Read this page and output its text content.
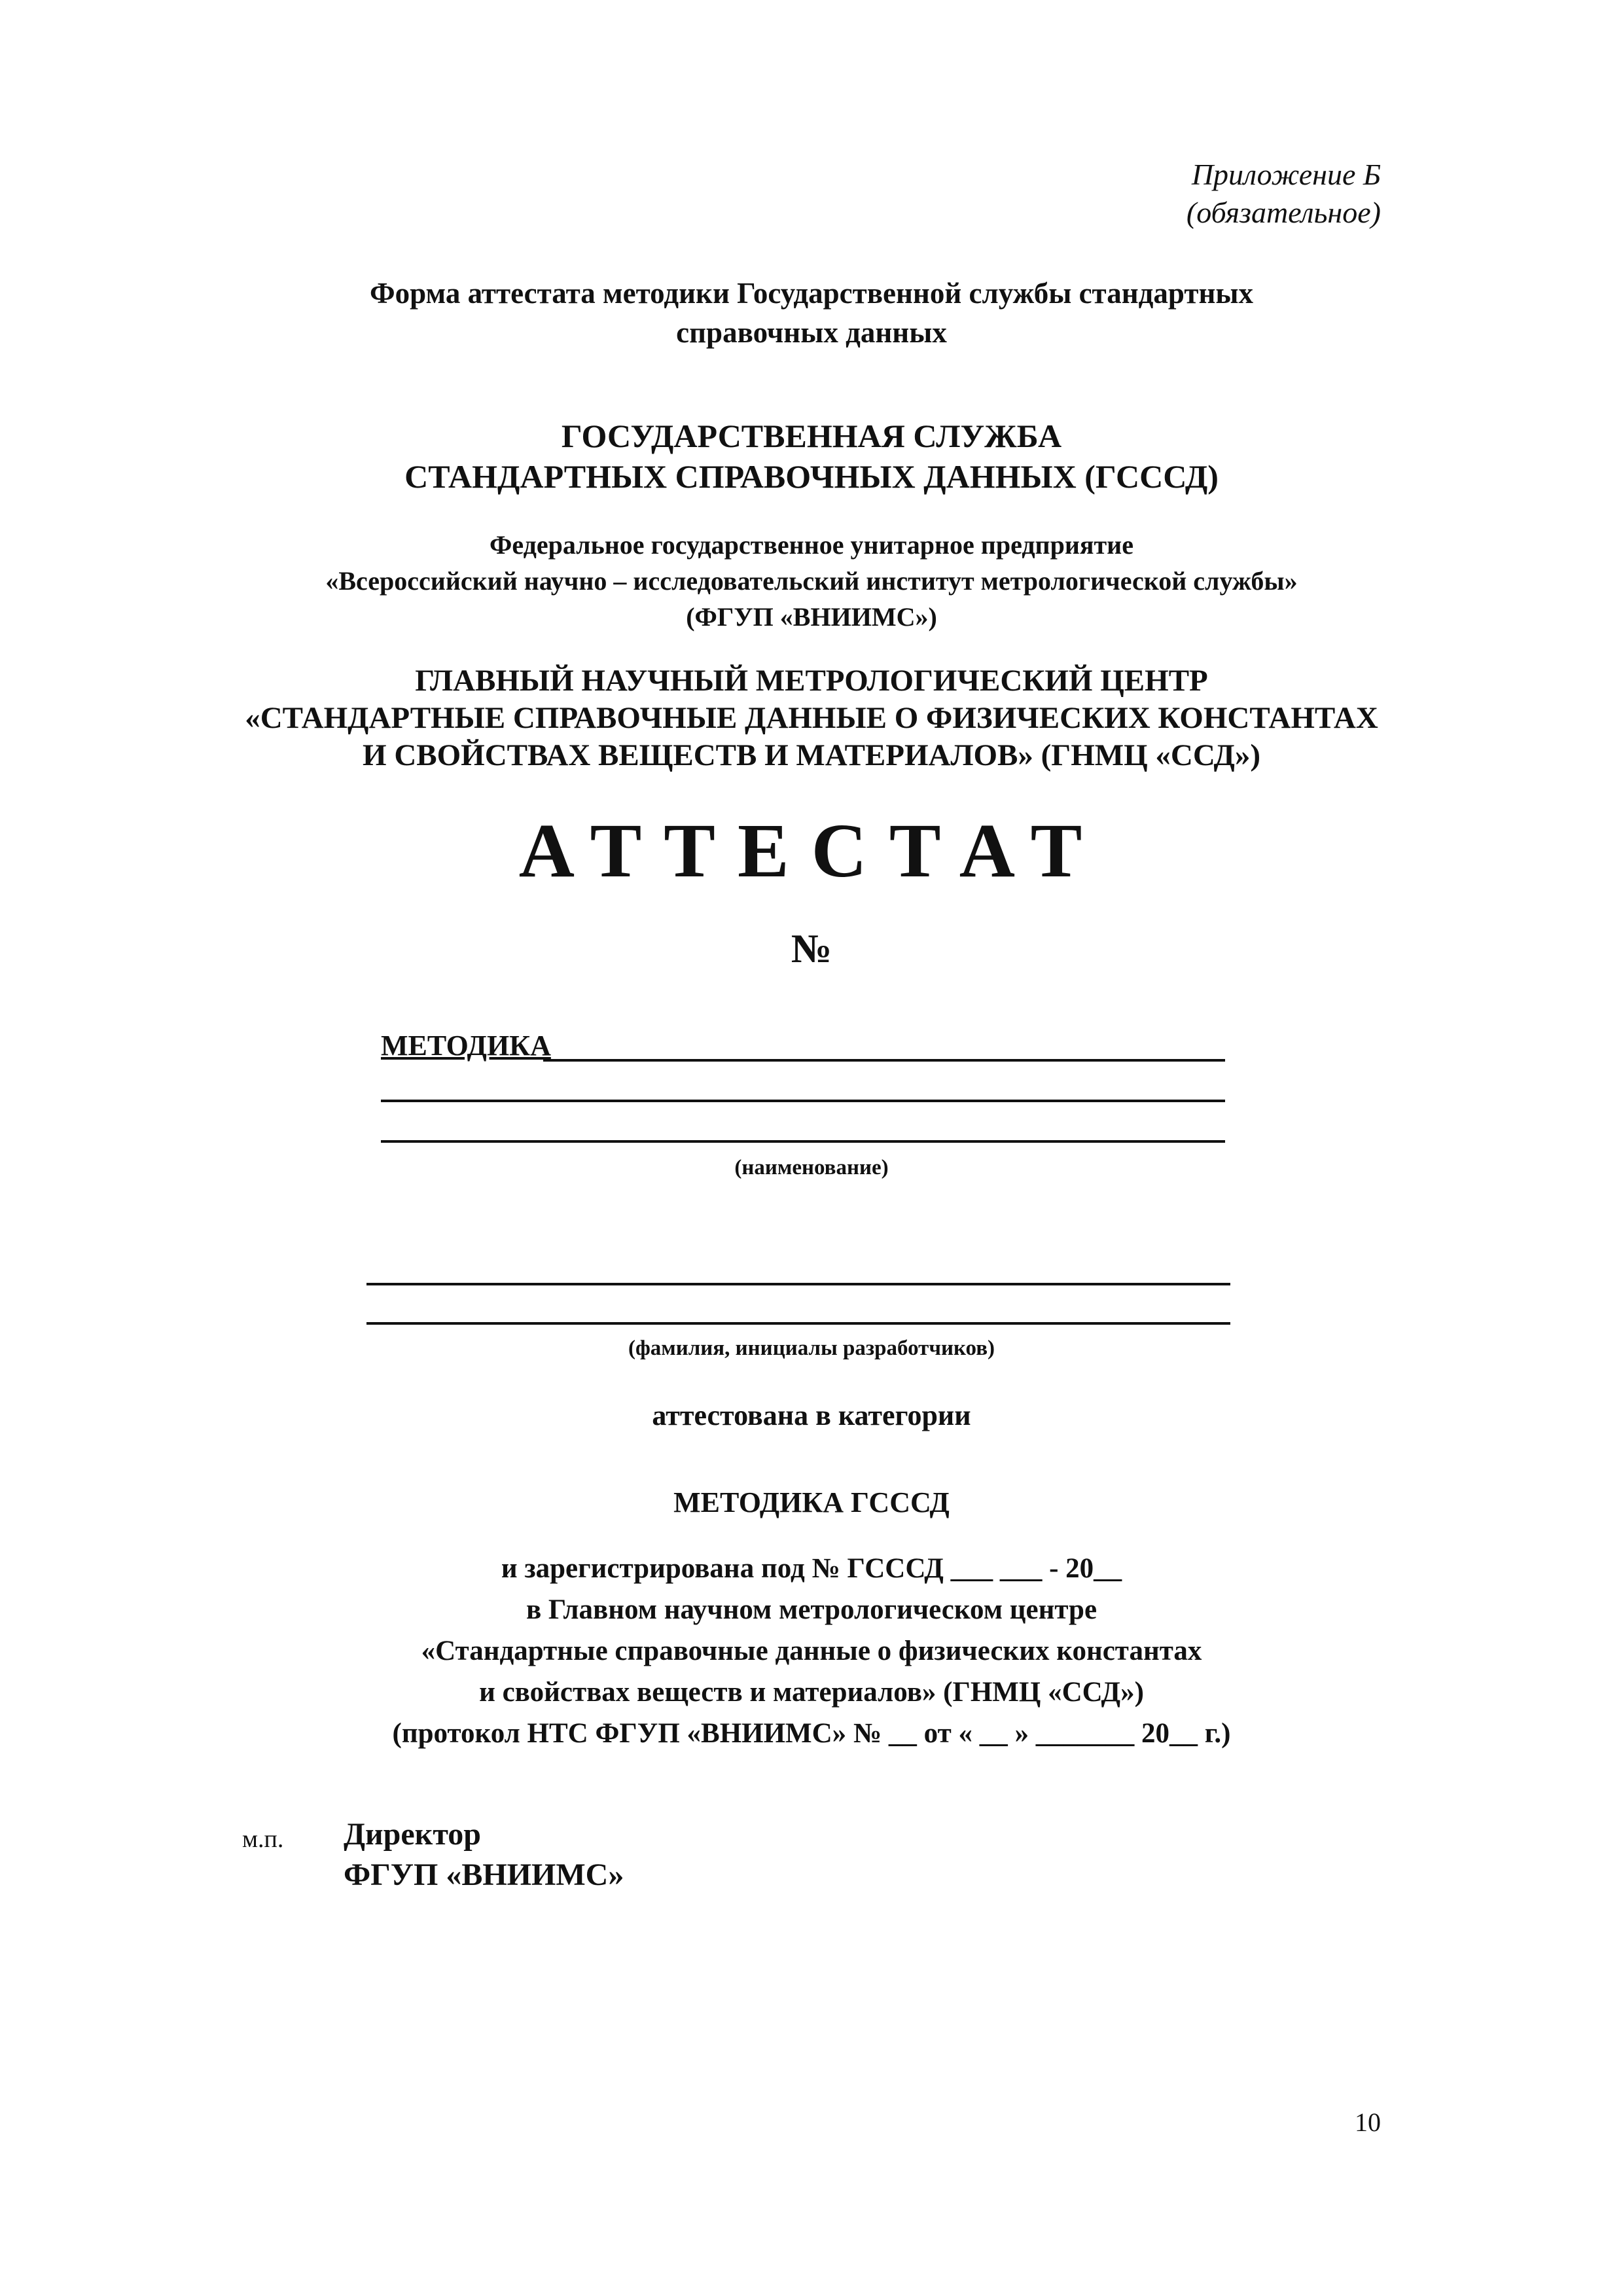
Приложение Б
(обязательное)
Форма аттестата методики Государственной службы стандартных
справочных данных
ГОСУДАРСТВЕННАЯ СЛУЖБА
СТАНДАРТНЫХ СПРАВОЧНЫХ ДАННЫХ (ГСССД)
Федеральное государственное унитарное предприятие
«Всероссийский научно – исследовательский институт метрологической службы»
(ФГУП «ВНИИМС»)
ГЛАВНЫЙ НАУЧНЫЙ МЕТРОЛОГИЧЕСКИЙ ЦЕНТР
«СТАНДАРТНЫЕ СПРАВОЧНЫЕ ДАННЫЕ О ФИЗИЧЕСКИХ КОНСТАНТАХ
И СВОЙСТВАХ ВЕЩЕСТВ И МАТЕРИАЛОВ» (ГНМЦ «ССД»)
АТТЕСТАТ
№
МЕТОДИКА
(наименование)
(фамилия, инициалы разработчиков)
аттестована в категории
МЕТОДИКА ГСССД
и зарегистрирована под № ГСССД ___ ___ - 20__
в Главном научном метрологическом центре
«Стандартные справочные данные о физических константах
и свойствах веществ и материалов» (ГНМЦ «ССД»)
(протокол НТС ФГУП «ВНИИМС» № __ от « __ » _______ 20__ г.)
м.п. Директор
ФГУП «ВНИИМС»
10
